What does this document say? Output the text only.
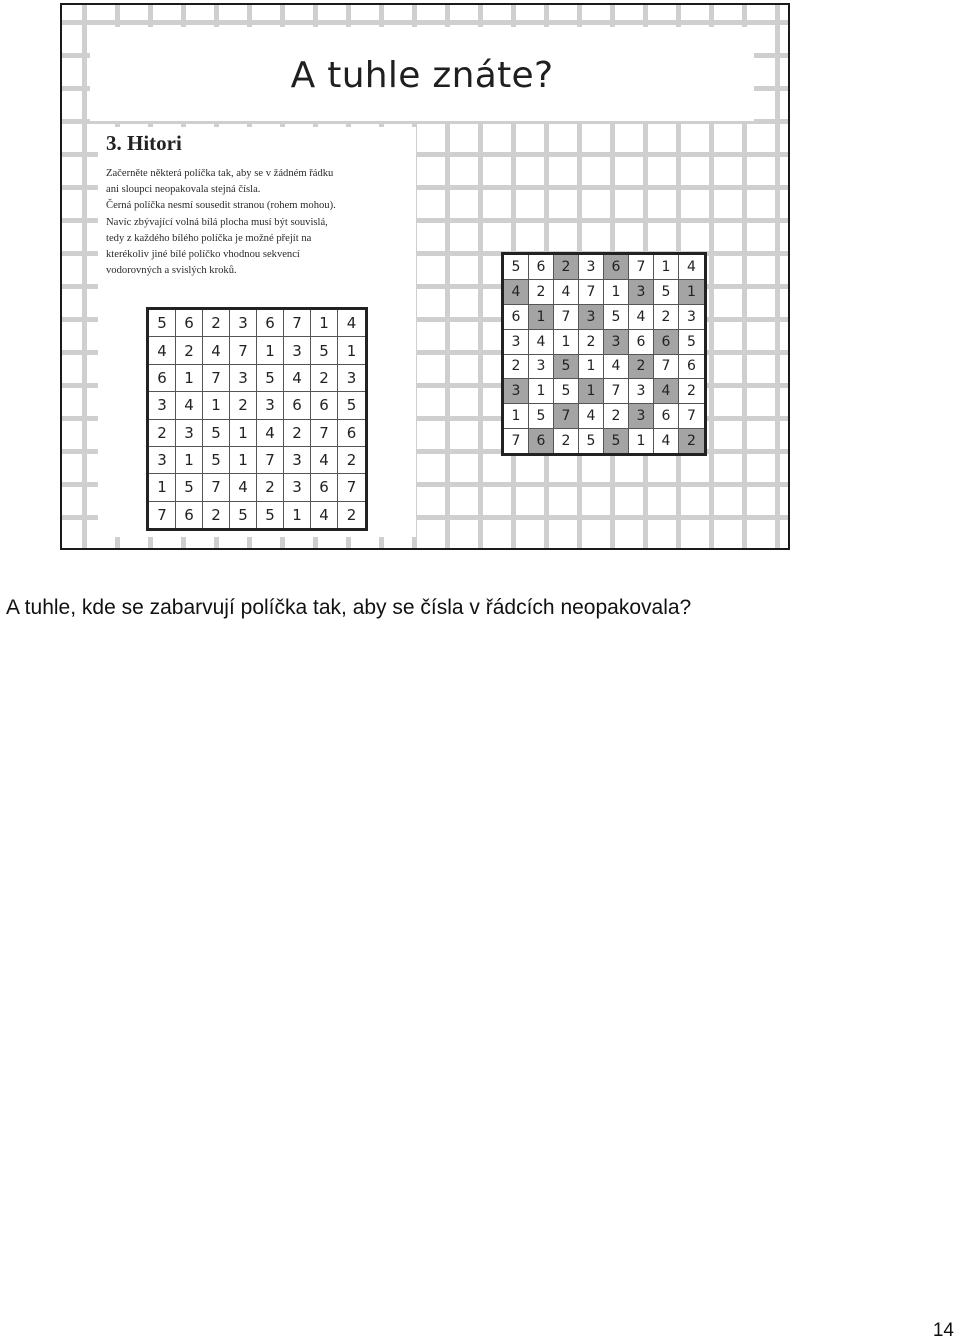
A tuhle znáte?
3. Hitori
Začerněte některá políčka tak, aby se v žádném řádku
ani sloupci neopakovala stejná čísla.
Černá políčka nesmí sousedit stranou (rohem mohou).
Navíc zbývající volná bílá plocha musí být souvislá,
tedy z každého bílého políčka je možné přejít na
kterékoliv jiné bílé políčko vhodnou sekvencí
vodorovných a svislých kroků.
5	6	2	3	6	7	1	4
4	2	4	7	1	3	5	1
6	1	7	3	5	4	2	3
3	4	1	2	3	6	6	5
2	3	5	1	4	2	7	6
3	1	5	1	7	3	4	2
1	5	7	4	2	3	6	7
7	6	2	5	5	1	4	2
5	6	2	3	6	7	1	4
4	2	4	7	1	3	5	1
6	1	7	3	5	4	2	3
3	4	1	2	3	6	6	5
2	3	5	1	4	2	7	6
3	1	5	1	7	3	4	2
1	5	7	4	2	3	6	7
7	6	2	5	5	1	4	2
A tuhle, kde se zabarvují políčka tak, aby se čísla v řádcích neopakovala?
14
